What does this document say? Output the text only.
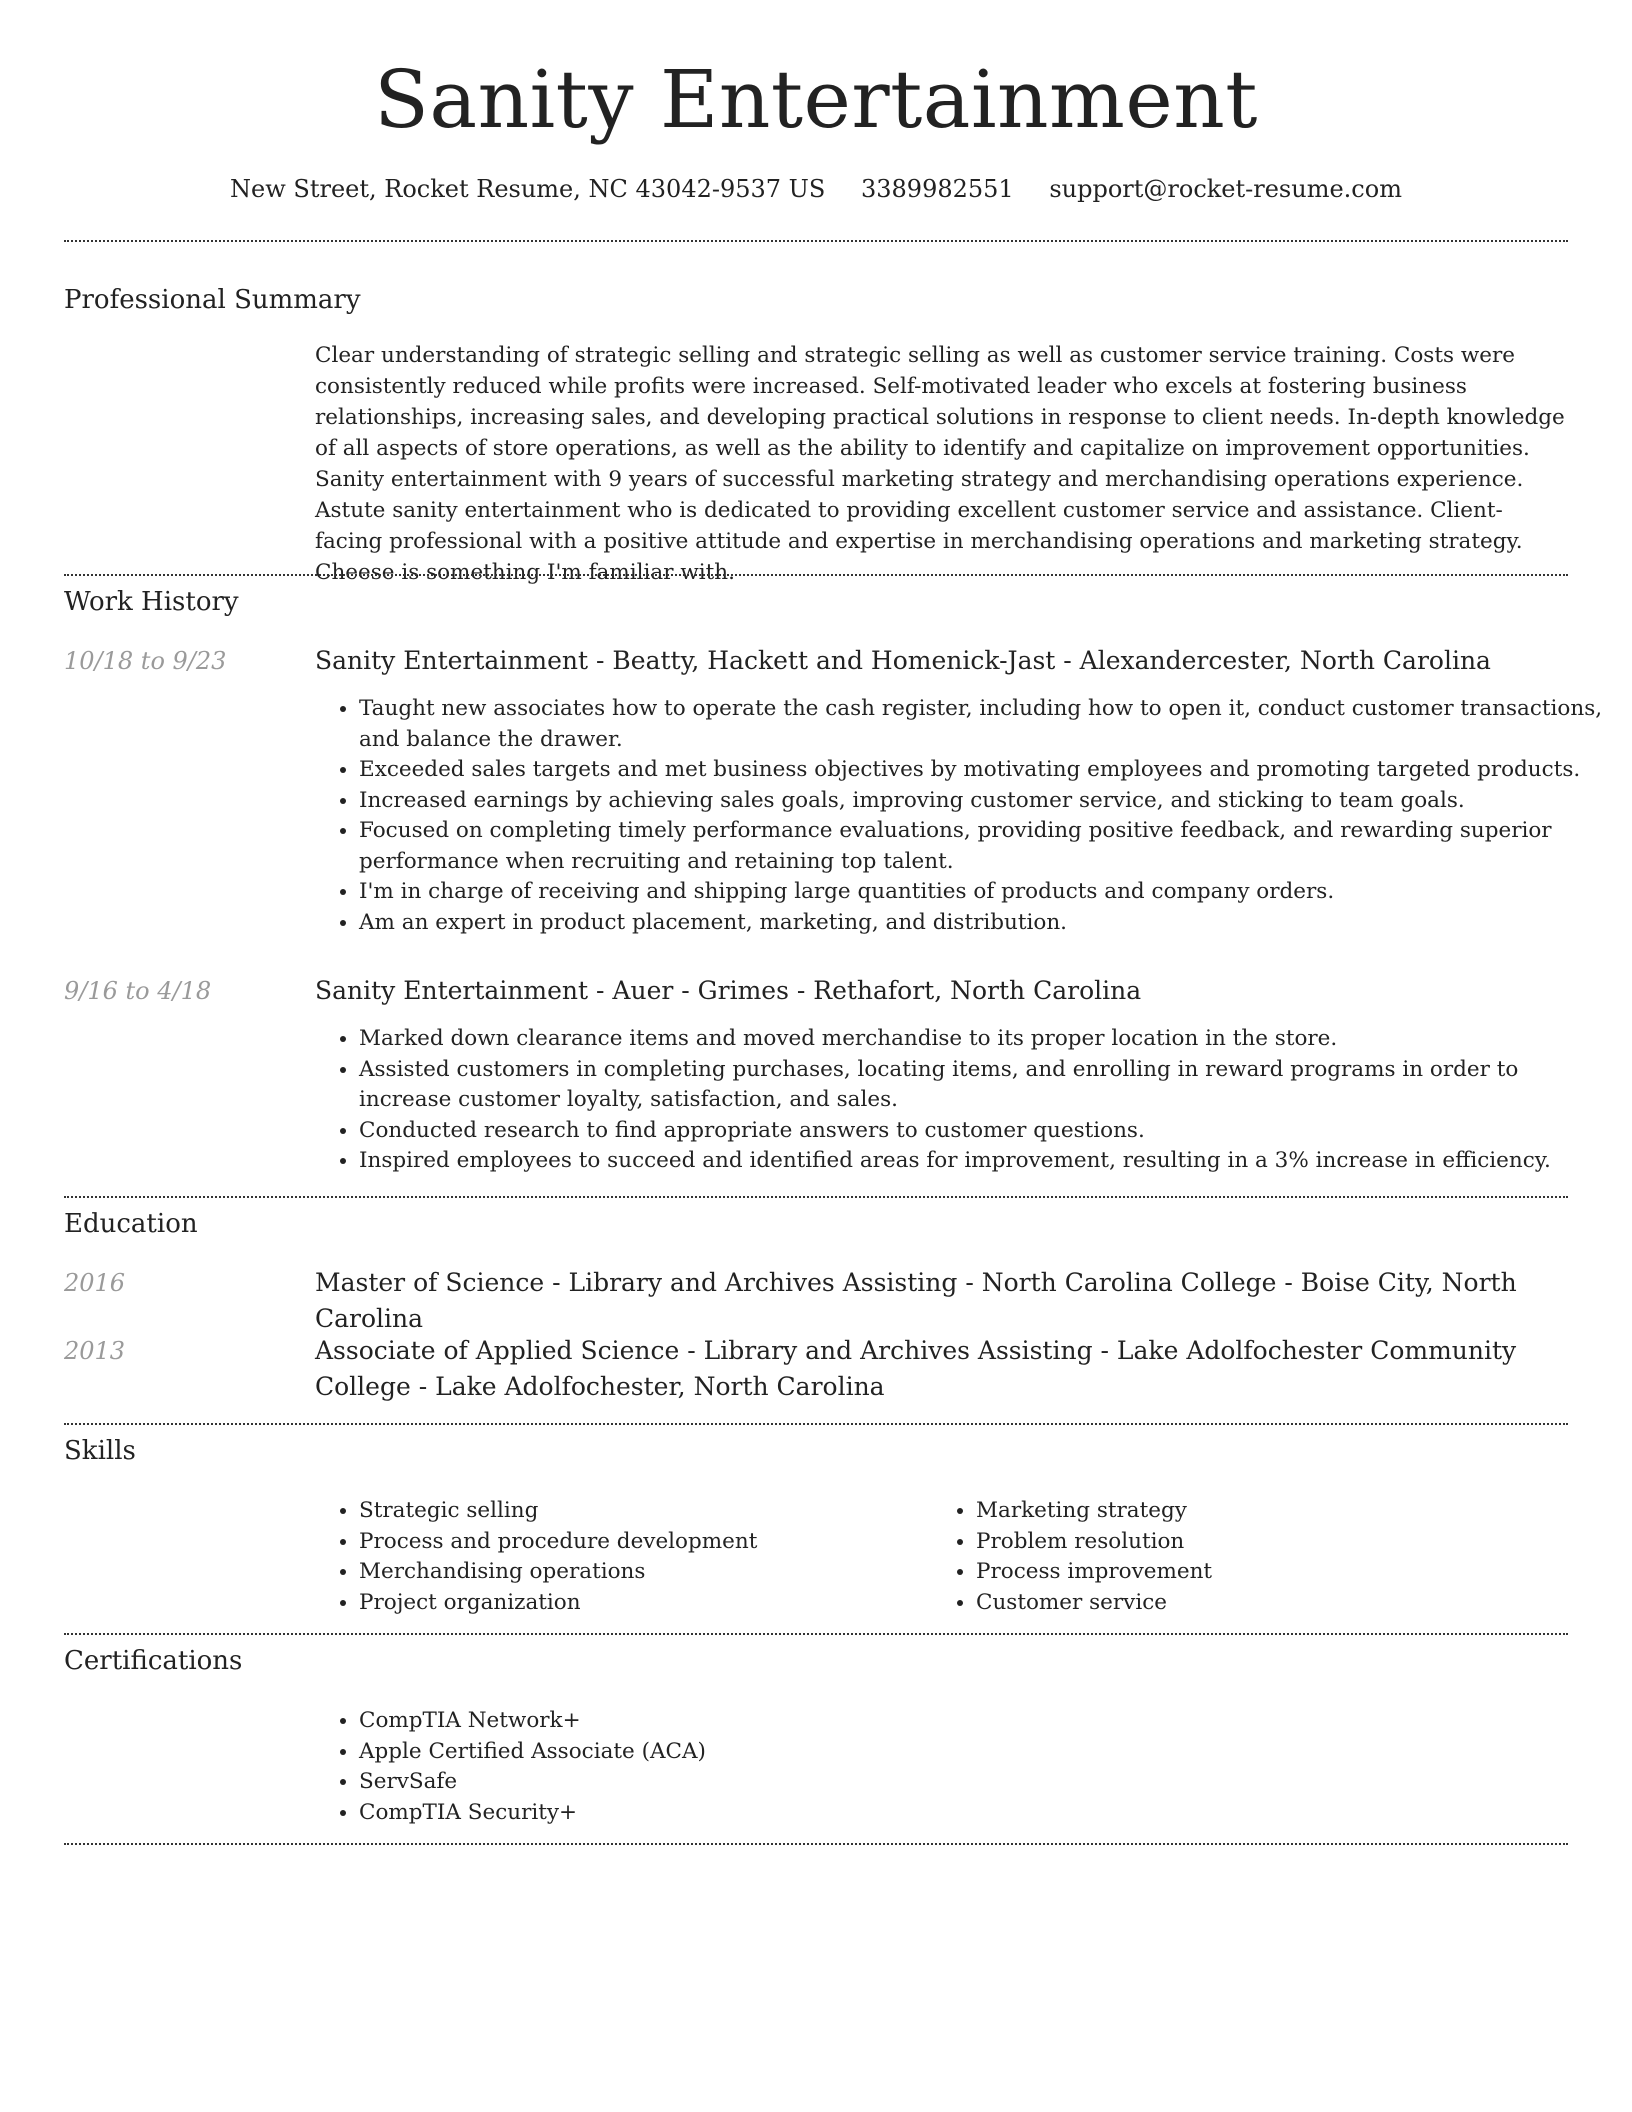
Sanity Entertainment
New Street, Rocket Resume, NC 43042-9537 US 3389982551 support@rocket-resume.com
Professional Summary

Clear understanding of strategic selling and strategic selling as well as customer service training. Costs were consistently reduced while profits were increased. Self-motivated leader who excels at fostering business relationships, increasing sales, and developing practical solutions in response to client needs. In-depth knowledge of all aspects of store operations, as well as the ability to identify and capitalize on improvement opportunities. Sanity entertainment with 9 years of successful marketing strategy and merchandising operations experience. Astute sanity entertainment who is dedicated to providing excellent customer service and assistance. Client-facing professional with a positive attitude and expertise in merchandising operations and marketing strategy. Cheese is something I'm familiar with.

Work History
10/18 to 9/23	Sanity Entertainment - Beatty, Hackett and Homenick-Jast - Alexandercester, North Carolina
• Taught new associates how to operate the cash register, including how to open it, conduct customer transactions, and balance the drawer.
• Exceeded sales targets and met business objectives by motivating employees and promoting targeted products.
• Increased earnings by achieving sales goals, improving customer service, and sticking to team goals.
• Focused on completing timely performance evaluations, providing positive feedback, and rewarding superior performance when recruiting and retaining top talent.
• I'm in charge of receiving and shipping large quantities of products and company orders.
• Am an expert in product placement, marketing, and distribution.
9/16 to 4/18	Sanity Entertainment - Auer - Grimes - Rethafort, North Carolina
• Marked down clearance items and moved merchandise to its proper location in the store.
• Assisted customers in completing purchases, locating items, and enrolling in reward programs in order to increase customer loyalty, satisfaction, and sales.
• Conducted research to find appropriate answers to customer questions.
• Inspired employees to succeed and identified areas for improvement, resulting in a 3% increase in efficiency.
Education
2016	Master of Science - Library and Archives Assisting - North Carolina College - Boise City, North Carolina
2013	Associate of Applied Science - Library and Archives Assisting - Lake Adolfochester Community College - Lake Adolfochester, North Carolina
Skills
• Strategic selling
• Process and procedure development
• Merchandising operations
• Project organization
• Marketing strategy
• Problem resolution
• Process improvement
• Customer service
Certifications
• CompTIA Network+
• Apple Certified Associate (ACA)
• ServSafe
• CompTIA Security+
